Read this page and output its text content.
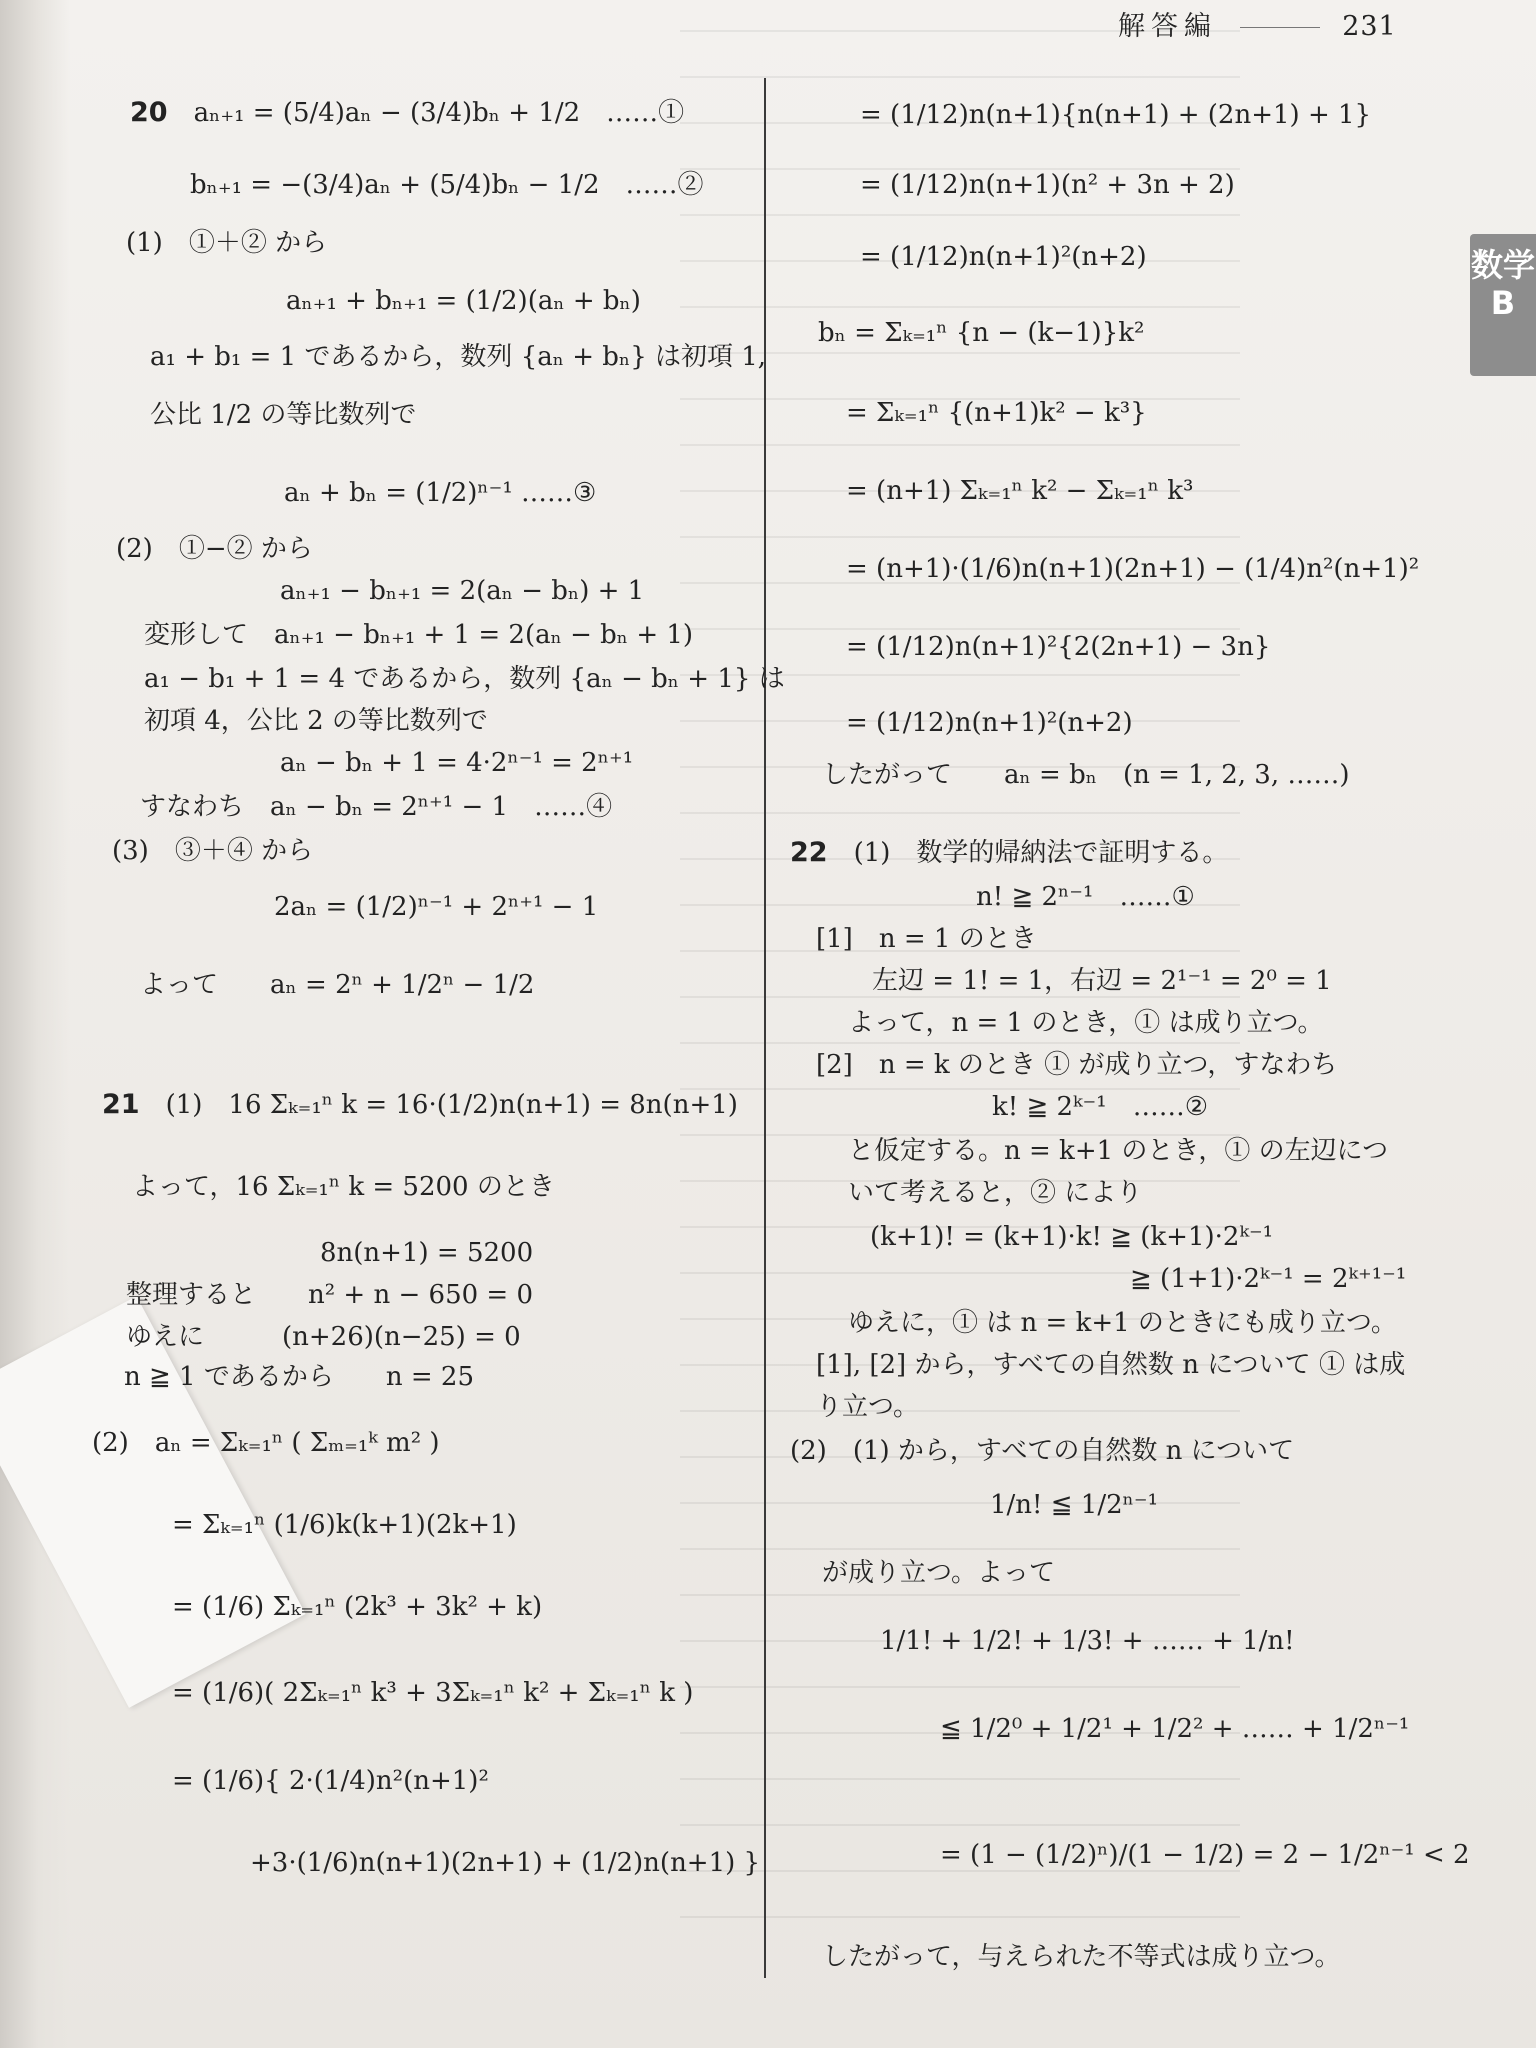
解答編	231
数学
B
20　 aₙ₊₁ = (5/4)aₙ − (3/4)bₙ + 1/2　……①
bₙ₊₁ = −(3/4)aₙ + (5/4)bₙ − 1/2　……②
(1)　①＋② から
aₙ₊₁ + bₙ₊₁ = (1/2)(aₙ + bₙ)
a₁ + b₁ = 1 であるから，数列 {aₙ + bₙ} は初項 1,
公比 1/2 の等比数列で
aₙ + bₙ = (1/2)ⁿ⁻¹ ……③
(2)　①−② から
aₙ₊₁ − bₙ₊₁ = 2(aₙ − bₙ) + 1
変形して　aₙ₊₁ − bₙ₊₁ + 1 = 2(aₙ − bₙ + 1)
a₁ − b₁ + 1 = 4 であるから，数列 {aₙ − bₙ + 1} は
初項 4，公比 2 の等比数列で
aₙ − bₙ + 1 = 4·2ⁿ⁻¹ = 2ⁿ⁺¹
すなわち　aₙ − bₙ = 2ⁿ⁺¹ − 1　……④
(3)　③＋④ から
2aₙ = (1/2)ⁿ⁻¹ + 2ⁿ⁺¹ − 1
よって　　aₙ = 2ⁿ + 1/2ⁿ − 1/2
21　 (1)　16 Σₖ₌₁ⁿ k = 16·(1/2)n(n+1) = 8n(n+1)
よって，16 Σₖ₌₁ⁿ k = 5200 のとき
8n(n+1) = 5200
整理すると　　n² + n − 650 = 0
ゆえに　　　(n+26)(n−25) = 0
n ≧ 1 であるから　　n = 25
(2)　aₙ = Σₖ₌₁ⁿ ( Σₘ₌₁ᵏ m² )
= Σₖ₌₁ⁿ (1/6)k(k+1)(2k+1)
= (1/6) Σₖ₌₁ⁿ (2k³ + 3k² + k)
= (1/6)( 2Σₖ₌₁ⁿ k³ + 3Σₖ₌₁ⁿ k² + Σₖ₌₁ⁿ k )
= (1/6){ 2·(1/4)n²(n+1)²
+3·(1/6)n(n+1)(2n+1) + (1/2)n(n+1) }
= (1/12)n(n+1){n(n+1) + (2n+1) + 1}
= (1/12)n(n+1)(n² + 3n + 2)
= (1/12)n(n+1)²(n+2)
bₙ = Σₖ₌₁ⁿ {n − (k−1)}k²
= Σₖ₌₁ⁿ {(n+1)k² − k³}
= (n+1) Σₖ₌₁ⁿ k² − Σₖ₌₁ⁿ k³
= (n+1)·(1/6)n(n+1)(2n+1) − (1/4)n²(n+1)²
= (1/12)n(n+1)²{2(2n+1) − 3n}
= (1/12)n(n+1)²(n+2)
したがって　　aₙ = bₙ　(n = 1, 2, 3, ……)
22　 (1)　数学的帰納法で証明する。
n! ≧ 2ⁿ⁻¹　……①
[1]　n = 1 のとき
左辺 = 1! = 1，右辺 = 2¹⁻¹ = 2⁰ = 1
よって，n = 1 のとき，① は成り立つ。
[2]　n = k のとき ① が成り立つ，すなわち
k! ≧ 2ᵏ⁻¹　……②
と仮定する。n = k+1 のとき，① の左辺につ
いて考えると，② により
(k+1)! = (k+1)·k! ≧ (k+1)·2ᵏ⁻¹
≧ (1+1)·2ᵏ⁻¹ = 2ᵏ⁺¹⁻¹
ゆえに，① は n = k+1 のときにも成り立つ。
[1], [2] から，すべての自然数 n について ① は成
り立つ。
(2)　(1) から，すべての自然数 n について
1/n! ≦ 1/2ⁿ⁻¹
が成り立つ。よって
1/1! + 1/2! + 1/3! + …… + 1/n!
≦ 1/2⁰ + 1/2¹ + 1/2² + …… + 1/2ⁿ⁻¹
= (1 − (1/2)ⁿ)/(1 − 1/2) = 2 − 1/2ⁿ⁻¹ < 2
したがって，与えられた不等式は成り立つ。
